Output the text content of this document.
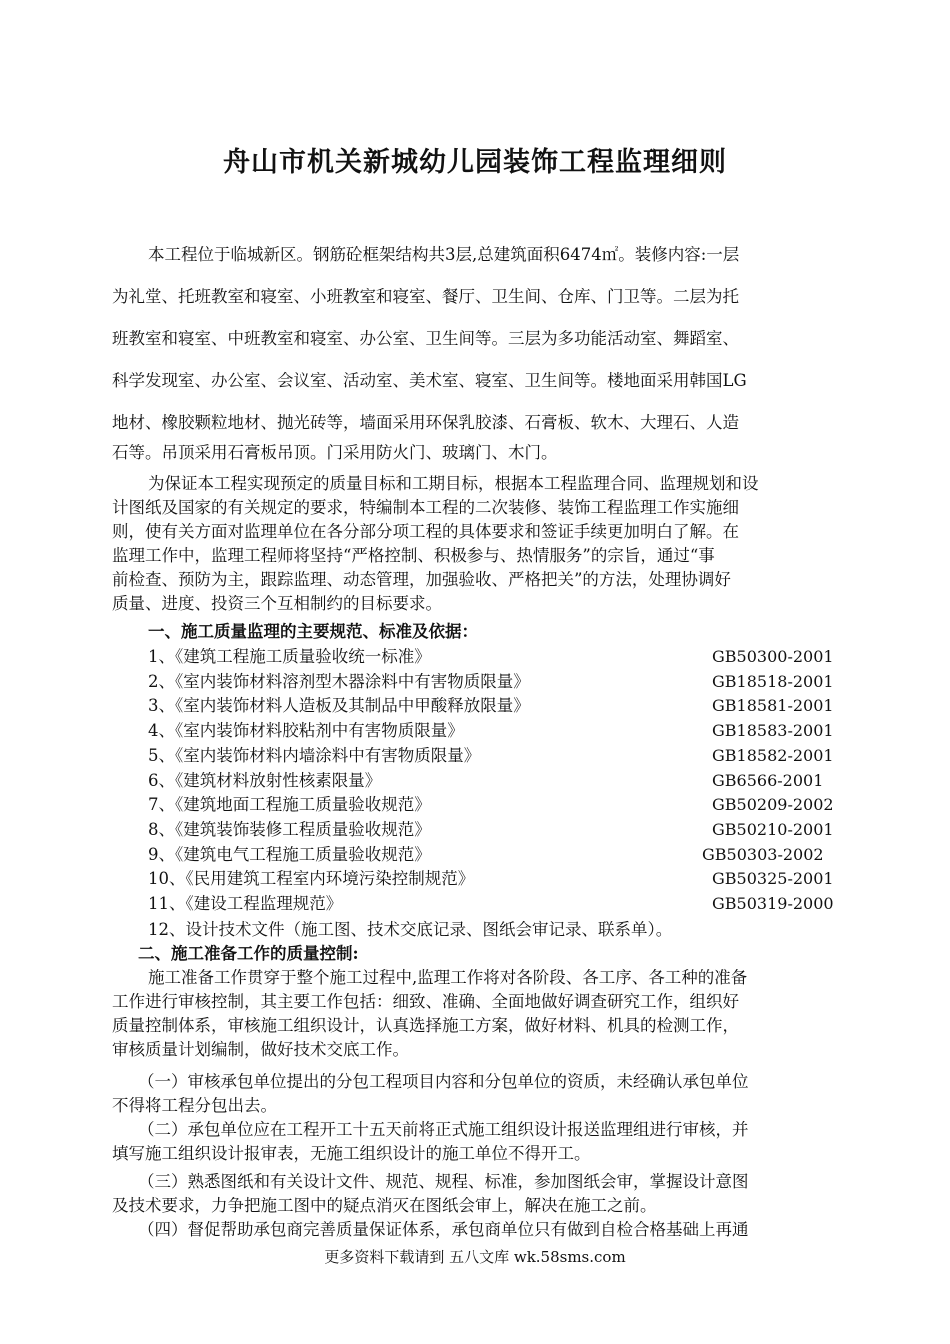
舟山市机关新城幼儿园装饰工程监理细则
本工程位于临城新区。钢筋砼框架结构共3层,总建筑面积6474㎡。装修内容:一层
为礼堂、托班教室和寝室、小班教室和寝室、餐厅、卫生间、仓库、门卫等。二层为托
班教室和寝室、中班教室和寝室、办公室、卫生间等。三层为多功能活动室、舞蹈室、
科学发现室、办公室、会议室、活动室、美术室、寝室、卫生间等。楼地面采用韩国LG
地材、橡胶颗粒地材、抛光砖等，墙面采用环保乳胶漆、石膏板、软木、大理石、人造
石等。吊顶采用石膏板吊顶。门采用防火门、玻璃门、木门。
为保证本工程实现预定的质量目标和工期目标，根据本工程监理合同、监理规划和设
计图纸及国家的有关规定的要求，特编制本工程的二次装修、装饰工程监理工作实施细
则，使有关方面对监理单位在各分部分项工程的具体要求和签证手续更加明白了解。在
监理工作中，监理工程师将坚持“严格控制、积极参与、热情服务”的宗旨，通过“事
前检查、预防为主，跟踪监理、动态管理，加强验收、严格把关”的方法，处理协调好
质量、进度、投资三个互相制约的目标要求。
一、施工质量监理的主要规范、标准及依据：
1、《建筑工程施工质量验收统一标准》	GB50300-2001
2、《室内装饰材料溶剂型木器涂料中有害物质限量》	GB18518-2001
3、《室内装饰材料人造板及其制品中甲酸释放限量》	GB18581-2001
4、《室内装饰材料胶粘剂中有害物质限量》	GB18583-2001
5、《室内装饰材料内墙涂料中有害物质限量》	GB18582-2001
6、《建筑材料放射性核素限量》	GB6566-2001
7、《建筑地面工程施工质量验收规范》	GB50209-2002
8、《建筑装饰装修工程质量验收规范》	GB50210-2001
9、《建筑电气工程施工质量验收规范》	GB50303-2002
10、《民用建筑工程室内环境污染控制规范》	GB50325-2001
11、《建设工程监理规范》	GB50319-2000
12、设计技术文件（施工图、技术交底记录、图纸会审记录、联系单）。
二、施工准备工作的质量控制:
施工准备工作贯穿于整个施工过程中,监理工作将对各阶段、各工序、各工种的准备
工作进行审核控制，其主要工作包括：细致、准确、全面地做好调查研究工作，组织好
质量控制体系，审核施工组织设计，认真选择施工方案，做好材料、机具的检测工作，
审核质量计划编制，做好技术交底工作。
（一）审核承包单位提出的分包工程项目内容和分包单位的资质，未经确认承包单位
不得将工程分包出去。
（二）承包单位应在工程开工十五天前将正式施工组织设计报送监理组进行审核，并
填写施工组织设计报审表，无施工组织设计的施工单位不得开工。
（三）熟悉图纸和有关设计文件、规范、规程、标准，参加图纸会审，掌握设计意图
及技术要求，力争把施工图中的疑点消灭在图纸会审上，解决在施工之前。
（四）督促帮助承包商完善质量保证体系，承包商单位只有做到自检合格基础上再通
更多资料下载请到 五八文库 wk.58sms.com
